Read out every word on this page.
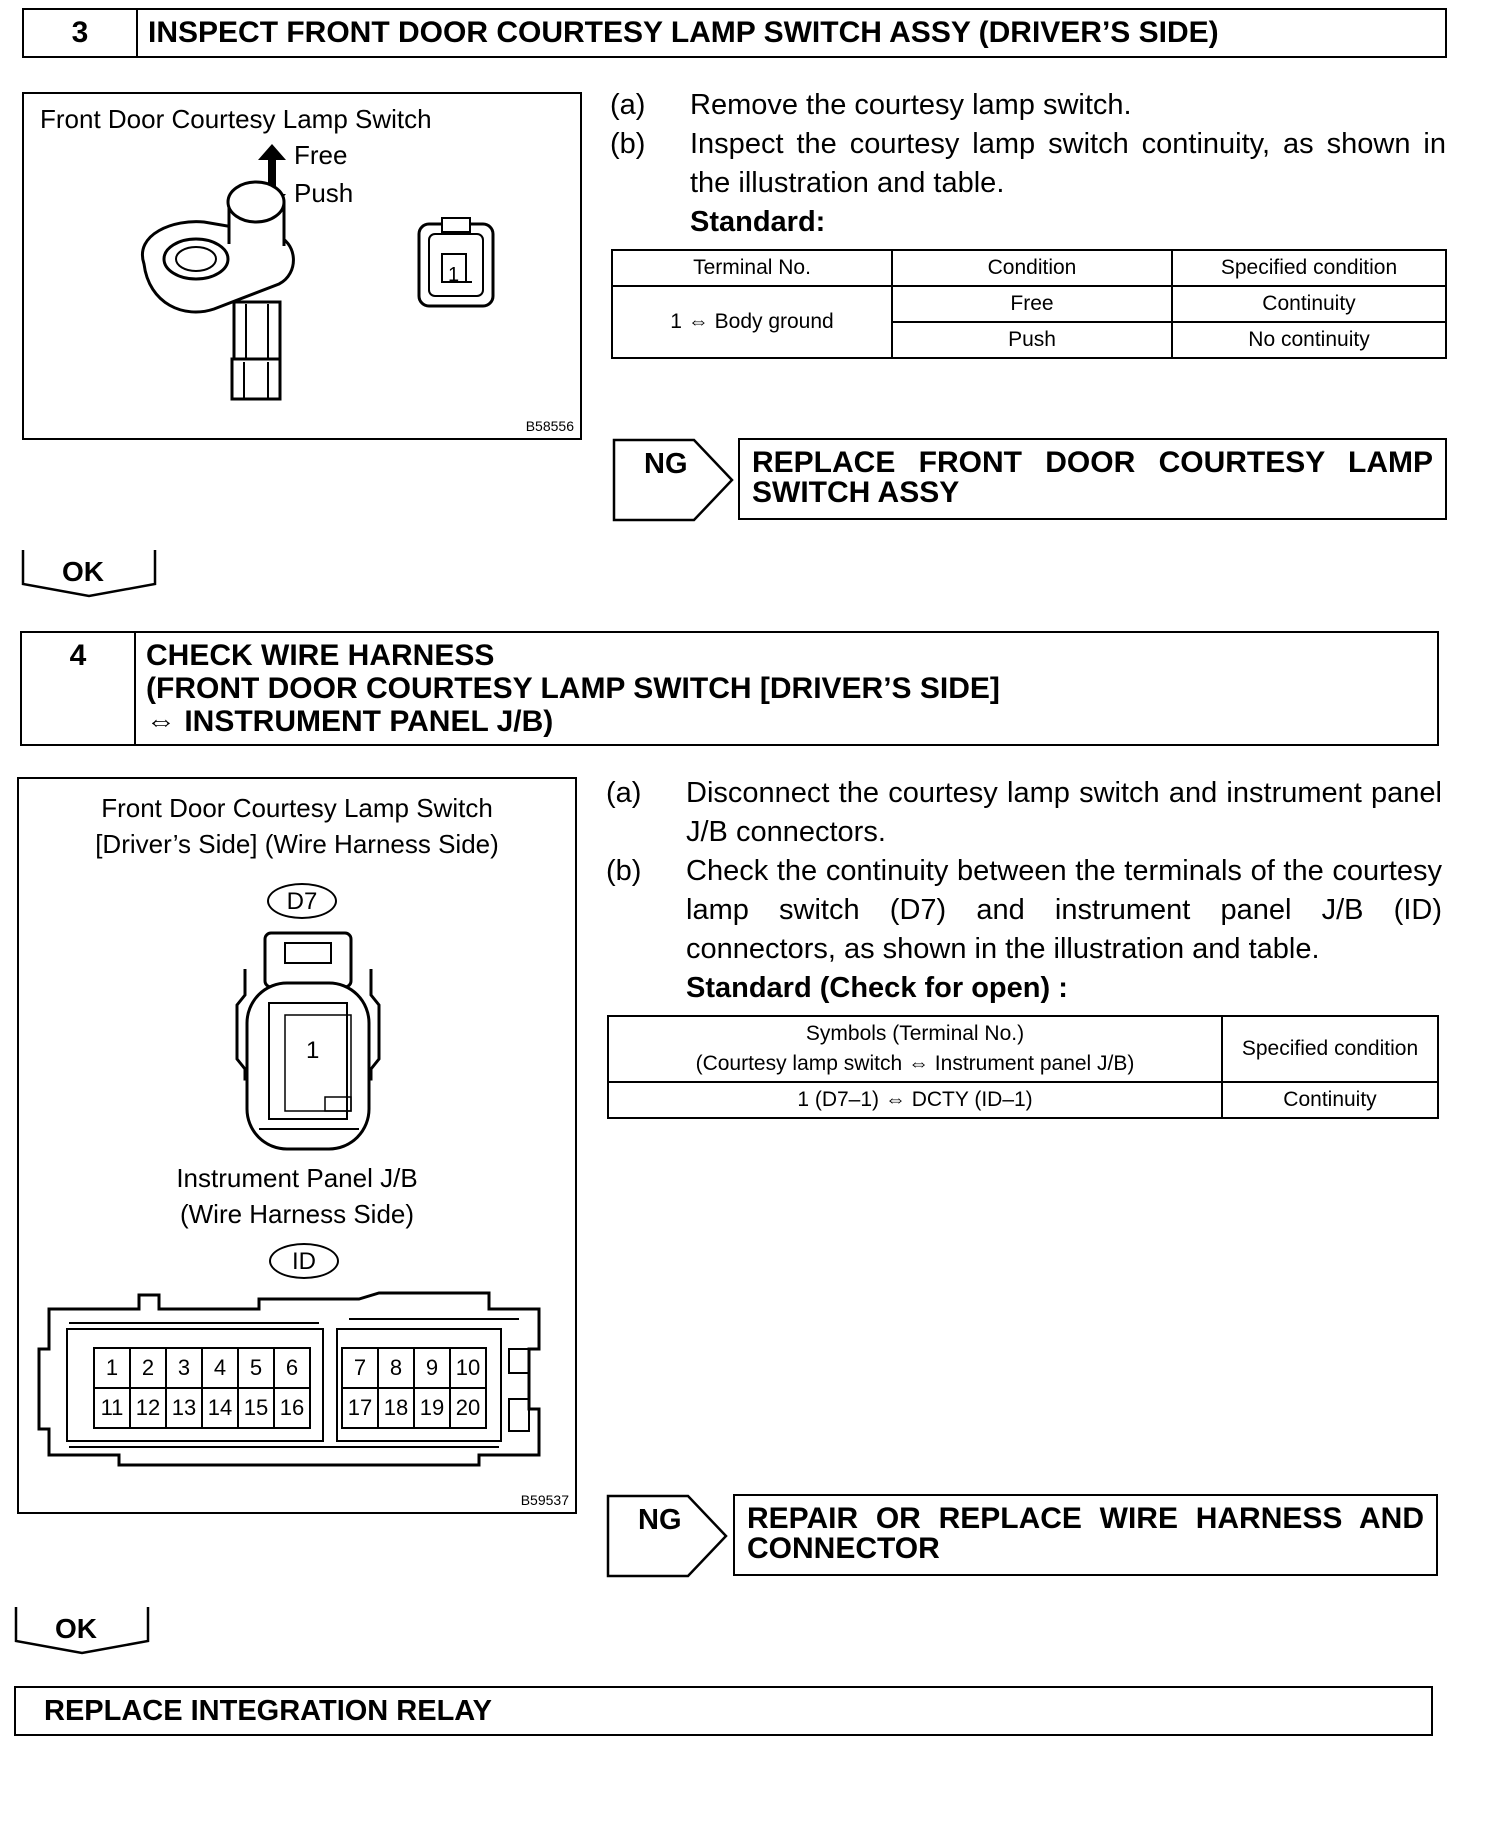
3	INSPECT FRONT DOOR COURTESY LAMP SWITCH ASSY (DRIVER’S SIDE)
Front Door Courtesy Lamp Switch
Free
Push
1
B58556
(a)	Remove the courtesy lamp switch.
(b)	Inspect the courtesy lamp switch continuity, as shown in the illustration and table.
Standard:
Terminal No.	Condition	Specified condition
1 ⇔ Body ground	Free	Continuity
	Push	No continuity
NG	REPLACE FRONT DOOR COURTESY LAMP SWITCH ASSY
OK
4	CHECK WIRE HARNESS
(FRONT DOOR COURTESY LAMP SWITCH [DRIVER’S SIDE]
⇔ INSTRUMENT PANEL J/B)
Front Door Courtesy Lamp Switch
[Driver’s Side] (Wire Harness Side)
D7
1
Instrument Panel J/B
(Wire Harness Side)
ID
1	2	3	4	5	6
11 12 13 14 15 16
7	8	9 10
17 18 19 20
B59537
(a)	Disconnect the courtesy lamp switch and instrument panel J/B connectors.
(b)	Check the continuity between the terminals of the courtesy lamp switch (D7) and instrument panel J/B (ID) connectors, as shown in the illustration and table.
Standard (Check for open) :
Symbols (Terminal No.)
(Courtesy lamp switch ⇔ Instrument panel J/B)	Specified condition
1 (D7–1) ⇔ DCTY (ID–1)	Continuity
NG	REPAIR OR REPLACE WIRE HARNESS AND CONNECTOR
OK
REPLACE INTEGRATION RELAY
